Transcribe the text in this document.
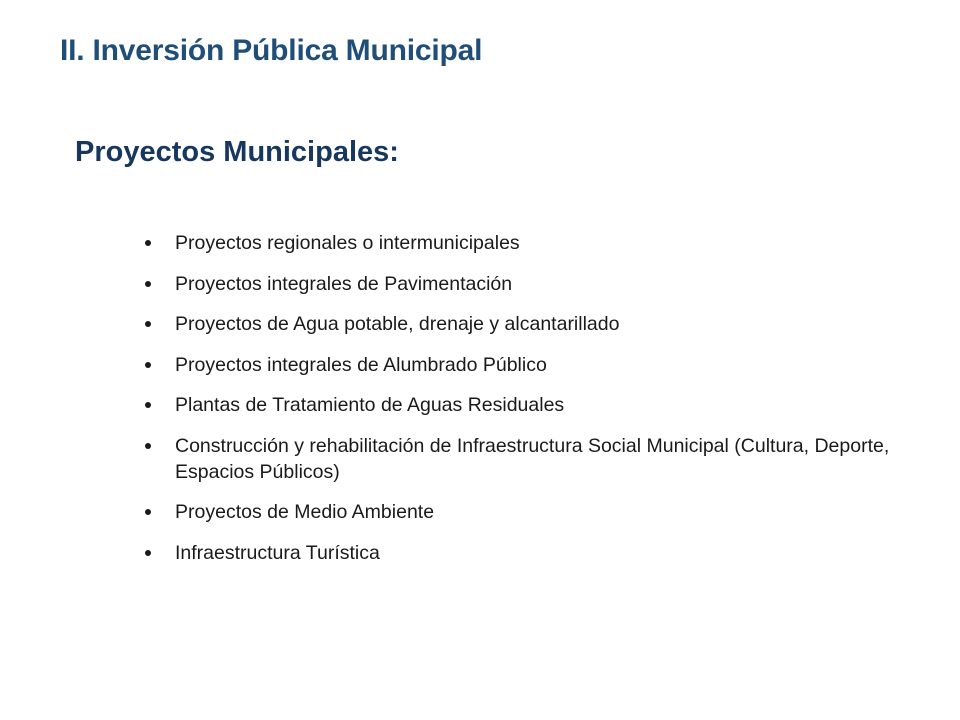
II. Inversión Pública Municipal
Proyectos Municipales:
Proyectos regionales o intermunicipales
Proyectos integrales de Pavimentación
Proyectos de Agua potable, drenaje y alcantarillado
Proyectos integrales de Alumbrado Público
Plantas de Tratamiento de Aguas Residuales
Construcción y rehabilitación de Infraestructura Social Municipal (Cultura, Deporte, Espacios Públicos)
Proyectos de Medio Ambiente
Infraestructura Turística
